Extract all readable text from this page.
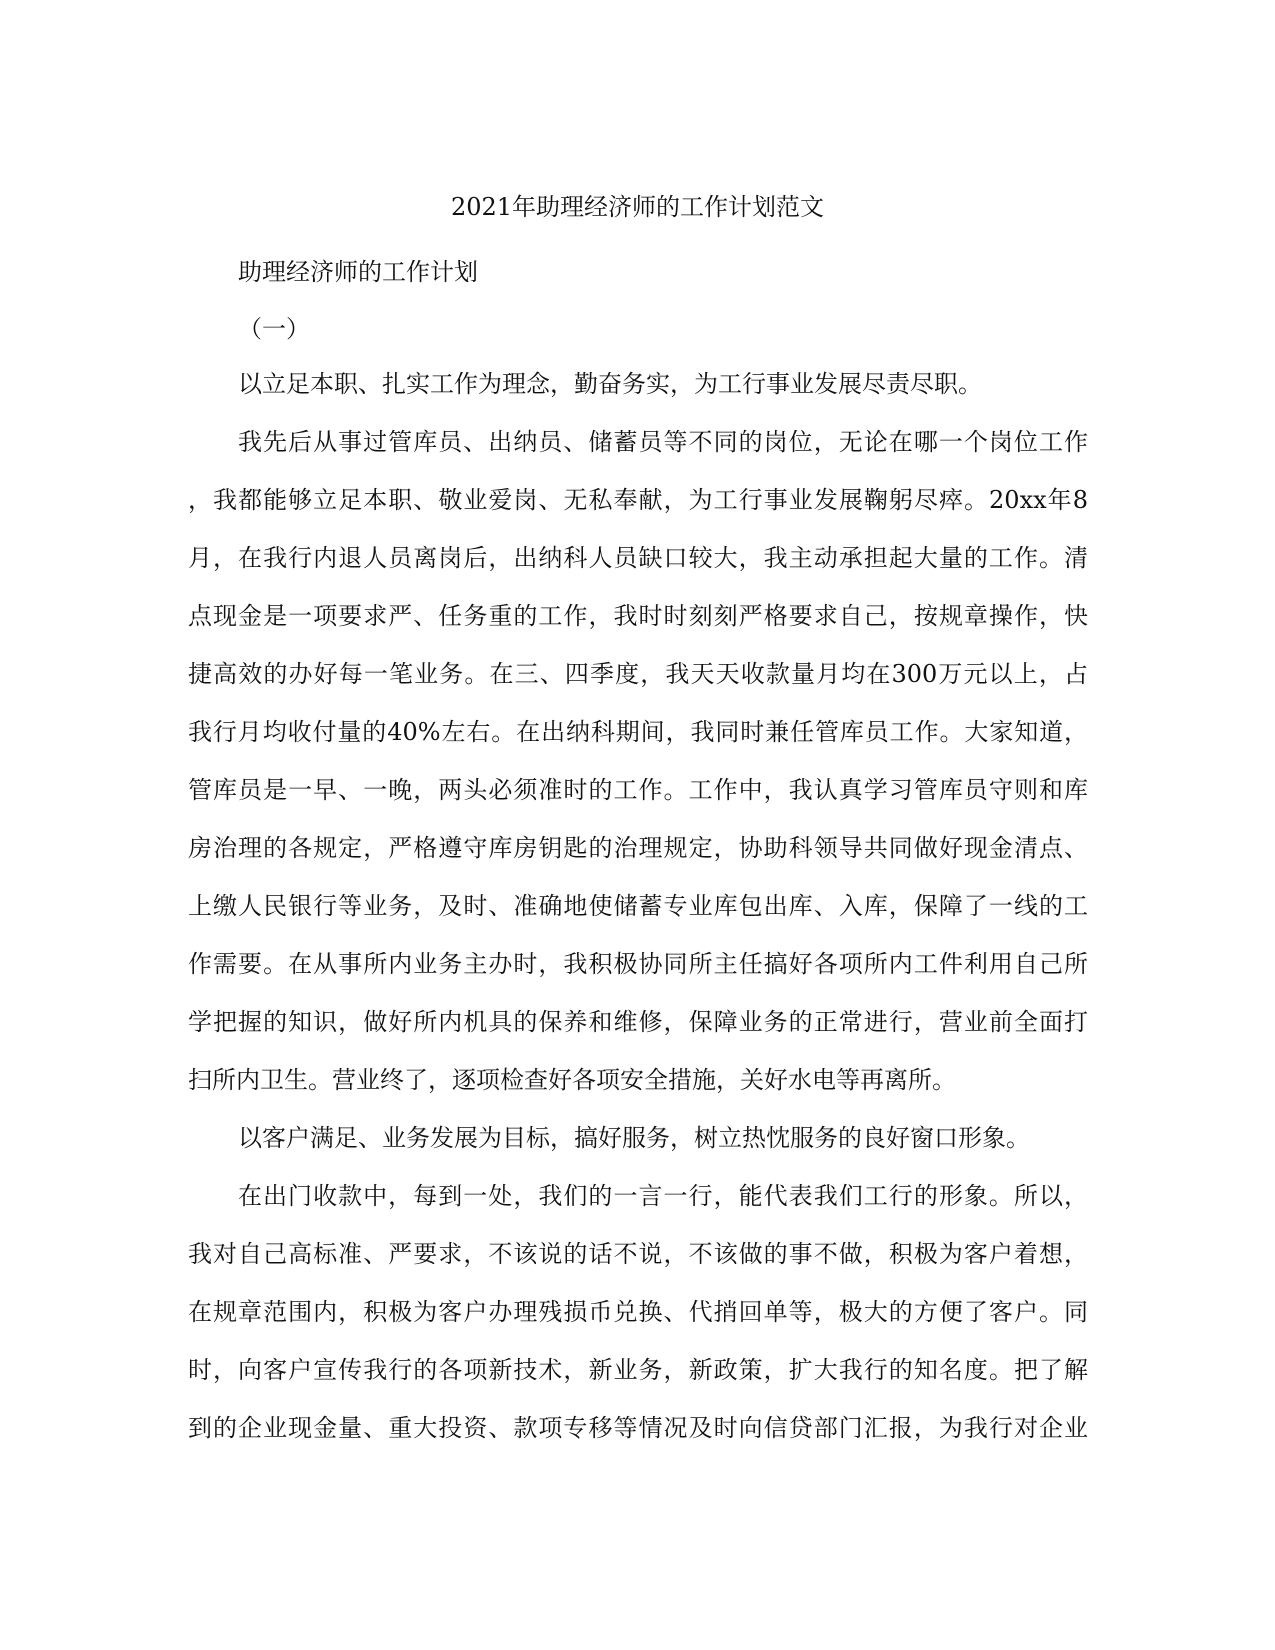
2021年助理经济师的工作计划范文
助理经济师的工作计划
（一）
以立足本职、扎实工作为理念，勤奋务实，为工行事业发展尽责尽职。
我先后从事过管库员、出纳员、储蓄员等不同的岗位，无论在哪一个岗位工作
，我都能够立足本职、敬业爱岗、无私奉献，为工行事业发展鞠躬尽瘁。20xx年8
月，在我行内退人员离岗后，出纳科人员缺口较大，我主动承担起大量的工作。清
点现金是一项要求严、任务重的工作，我时时刻刻严格要求自己，按规章操作，快
捷高效的办好每一笔业务。在三、四季度，我天天收款量月均在300万元以上，占
我行月均收付量的40%左右。在出纳科期间，我同时兼任管库员工作。大家知道，
管库员是一早、一晚，两头必须准时的工作。工作中，我认真学习管库员守则和库
房治理的各规定，严格遵守库房钥匙的治理规定，协助科领导共同做好现金清点、
上缴人民银行等业务，及时、准确地使储蓄专业库包出库、入库，保障了一线的工
作需要。在从事所内业务主办时，我积极协同所主任搞好各项所内工件利用自己所
学把握的知识，做好所内机具的保养和维修，保障业务的正常进行，营业前全面打
扫所内卫生。营业终了，逐项检查好各项安全措施，关好水电等再离所。
以客户满足、业务发展为目标，搞好服务，树立热忱服务的良好窗口形象。
在出门收款中，每到一处，我们的一言一行，能代表我们工行的形象。所以，
我对自己高标准、严要求，不该说的话不说，不该做的事不做，积极为客户着想，
在规章范围内，积极为客户办理残损币兑换、代捎回单等，极大的方便了客户。同
时，向客户宣传我行的各项新技术，新业务，新政策，扩大我行的知名度。把了解
到的企业现金量、重大投资、款项专移等情况及时向信贷部门汇报，为我行对企业
